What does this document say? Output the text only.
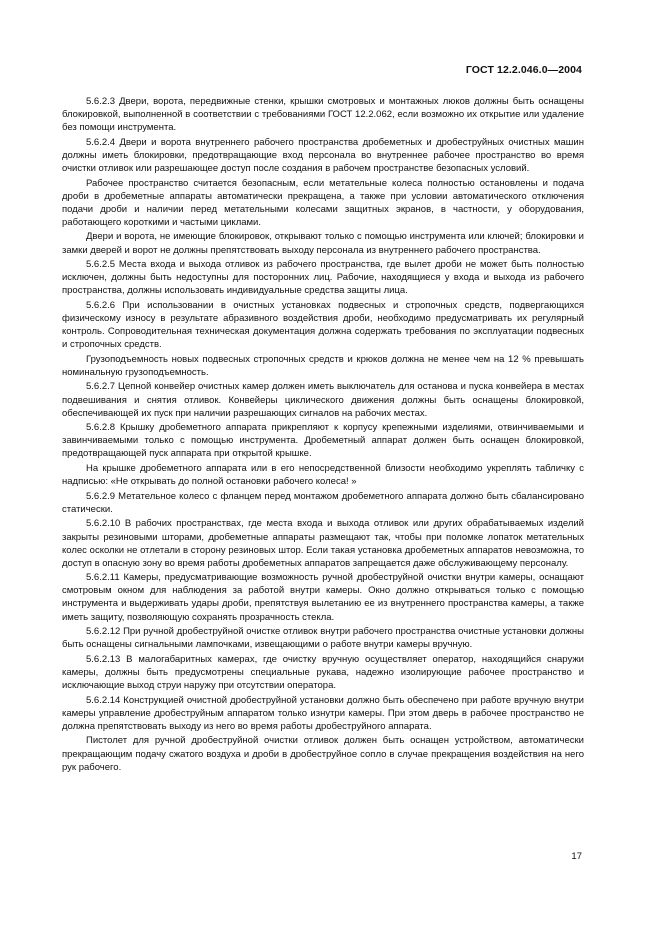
ГОСТ 12.2.046.0—2004

5.6.2.3 Двери, ворота, передвижные стенки, крышки смотровых и монтажных люков должны быть оснащены блокировкой, выполненной в соответствии с требованиями ГОСТ 12.2.062, если возможно их открытие или удаление без помощи инструмента.

5.6.2.4 Двери и ворота внутреннего рабочего пространства дробеметных и дробеструйных очистных машин должны иметь блокировки, предотвращающие вход персонала во внутреннее рабочее пространство во время очистки отливок или разрешающее доступ после создания в рабочем пространстве безопасных условий.

Рабочее пространство считается безопасным, если метательные колеса полностью остановлены и подача дроби в дробеметные аппараты автоматически прекращена, а также при условии автоматического отключения подачи дроби и наличии перед метательными колесами защитных экранов, в частности, у оборудования, работающего короткими и частыми циклами.

Двери и ворота, не имеющие блокировок, открывают только с помощью инструмента или ключей; блокировки и замки дверей и ворот не должны препятствовать выходу персонала из внутреннего рабочего пространства.

5.6.2.5 Места входа и выхода отливок из рабочего пространства, где вылет дроби не может быть полностью исключен, должны быть недоступны для посторонних лиц. Рабочие, находящиеся у входа и выхода из рабочего пространства, должны использовать индивидуальные средства защиты лица.

5.6.2.6 При использовании в очистных установках подвесных и стропочных средств, подвергающихся физическому износу в результате абразивного воздействия дроби, необходимо предусматривать их регулярный контроль. Сопроводительная техническая документация должна содержать требования по эксплуатации подвесных и стропочных средств.

Грузоподъемность новых подвесных стропочных средств и крюков должна не менее чем на 12 % превышать номинальную грузоподъемность.

5.6.2.7 Цепной конвейер очистных камер должен иметь выключатель для останова и пуска конвейера в местах подвешивания и снятия отливок. Конвейеры циклического движения должны быть оснащены блокировкой, обеспечивающей их пуск при наличии разрешающих сигналов на рабочих местах.

5.6.2.8 Крышку дробеметного аппарата прикрепляют к корпусу крепежными изделиями, отвинчиваемыми и завинчиваемыми только с помощью инструмента. Дробеметный аппарат должен быть оснащен блокировкой, предотвращающей пуск аппарата при открытой крышке.

На крышке дробеметного аппарата или в его непосредственной близости необходимо укреплять табличку с надписью: «Не открывать до полной остановки рабочего колеса! »

5.6.2.9 Метательное колесо с фланцем перед монтажом дробеметного аппарата должно быть сбалансировано статически.

5.6.2.10 В рабочих пространствах, где места входа и выхода отливок или других обрабатываемых изделий закрыты резиновыми шторами, дробеметные аппараты размещают так, чтобы при поломке лопаток метательных колес осколки не отлетали в сторону резиновых штор. Если такая установка дробеметных аппаратов невозможна, то доступ в опасную зону во время работы дробеметных аппаратов запрещается даже обслуживающему персоналу.

5.6.2.11 Камеры, предусматривающие возможность ручной дробеструйной очистки внутри камеры, оснащают смотровым окном для наблюдения за работой внутри камеры. Окно должно открываться только с помощью инструмента и выдерживать удары дроби, препятствуя вылетанию ее из внутреннего пространства камеры, а также иметь защиту, позволяющую сохранять прозрачность стекла.

5.6.2.12 При ручной дробеструйной очистке отливок внутри рабочего пространства очистные установки должны быть оснащены сигнальными лампочками, извещающими о работе внутри камеры вручную.

5.6.2.13 В малогабаритных камерах, где очистку вручную осуществляет оператор, находящийся снаружи камеры, должны быть предусмотрены специальные рукава, надежно изолирующие рабочее пространство и исключающие выход струи наружу при отсутствии оператора.

5.6.2.14 Конструкцией очистной дробеструйной установки должно быть обеспечено при работе вручную внутри камеры управление дробеструйным аппаратом только изнутри камеры. При этом дверь в рабочее пространство не должна препятствовать выходу из него во время работы дробеструйного аппарата.

Пистолет для ручной дробеструйной очистки отливок должен быть оснащен устройством, автоматически прекращающим подачу сжатого воздуха и дроби в дробеструйное сопло в случае прекращения воздействия на него рук рабочего.

17
